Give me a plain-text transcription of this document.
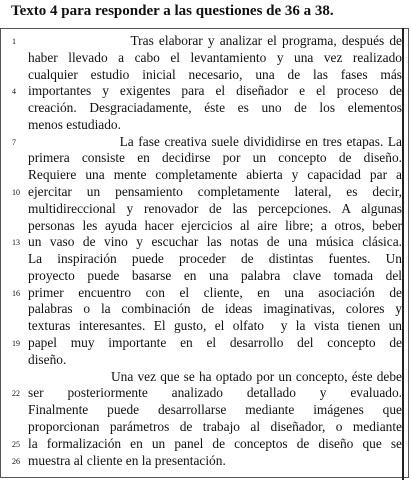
Texto 4 para responder a las questiones de 36 a 38.
Tras elaborar y analizar el programa, después de
1
haber llevado a cabo el levantamiento y una vez realizado
cualquier estudio inicial necesario, una de las fases más
importantes y exigentes para el diseñador e el proceso de
4
creación. Desgraciadamente, éste es uno de los elementos
menos estudiado.
La fase creativa suele divididirse en tres etapas. La
7
primera consiste en decidirse por un concepto de diseño.
Requiere una mente completamente abierta y capacidad par a
ejercitar un pensamiento completamente lateral, es decir,
10
multidireccional y renovador de las percepciones. A algunas
personas les ayuda hacer ejercicios al aire libre; a otros, beber
un vaso de vino y escuchar las notas de una música clásica.
13
La inspiración puede proceder de distintas fuentes. Un
proyecto puede basarse en una palabra clave tomada del
primer encuentro con el cliente, en una asociación de
16
palabras o la combinación de ideas imaginativas, colores y
texturas interesantes. El gusto, el olfato  y la vista tienen un
papel muy importante en el desarrollo del concepto de
19
diseño.
Una vez que se ha optado por un concepto, éste debe
ser posteriormente analizado detallado y evaluado.
22
Finalmente puede desarrollarse mediante imágenes que
proporcionan parámetros de trabajo al diseñador, o mediante
la formalización en un panel de conceptos de diseño que se
25
muestra al cliente en la presentación.
26
